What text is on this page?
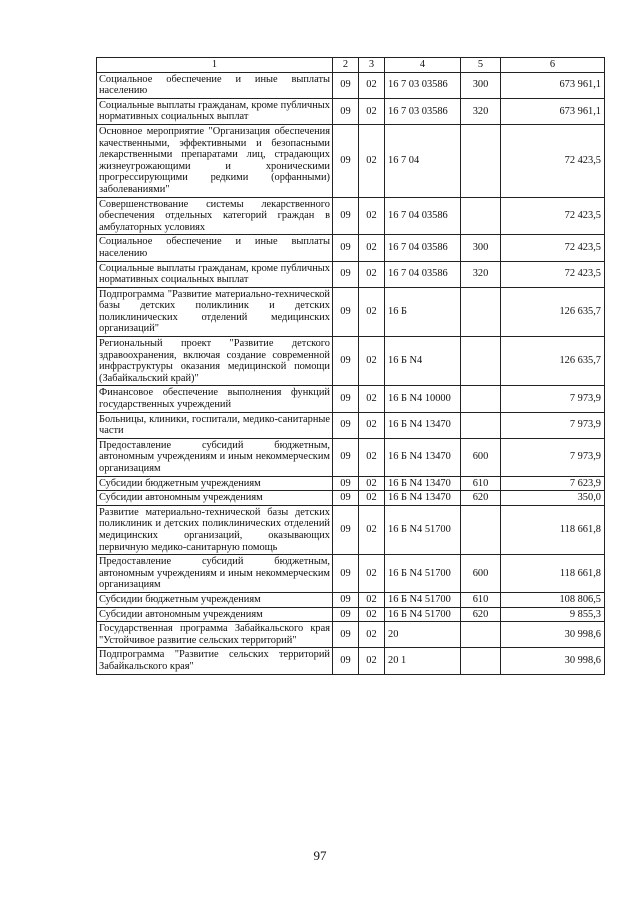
1	2	3	4	5	6
Социальное обеспечение и иные выплаты населению	09	02	16 7 03 03586	300	673 961,1
Социальные выплаты гражданам, кроме публичных нормативных социальных выплат	09	02	16 7 03 03586	320	673 961,1
Основное мероприятие "Организация обеспечения качественными, эффективными и безопасными лекарственными препаратами лиц, страдающих жизнеугрожающими и хроническими прогрессирующими редкими (орфанными) заболеваниями"	09	02	16 7 04		72 423,5
Совершенствование системы лекарственного обеспечения отдельных категорий граждан в амбулаторных условиях	09	02	16 7 04 03586		72 423,5
Социальное обеспечение и иные выплаты населению	09	02	16 7 04 03586	300	72 423,5
Социальные выплаты гражданам, кроме публичных нормативных социальных выплат	09	02	16 7 04 03586	320	72 423,5
Подпрограмма "Развитие материально-технической базы детских поликлиник и детских поликлинических отделений медицинских организаций"	09	02	16 Б		126 635,7
Региональный проект "Развитие детского здравоохранения, включая создание современной инфраструктуры оказания медицинской помощи (Забайкальский край)"	09	02	16 Б N4		126 635,7
Финансовое обеспечение выполнения функций государственных учреждений	09	02	16 Б N4 10000		7 973,9
Больницы, клиники, госпитали, медико-санитарные части	09	02	16 Б N4 13470		7 973,9
Предоставление субсидий бюджетным, автономным учреждениям и иным некоммерческим организациям	09	02	16 Б N4 13470	600	7 973,9
Субсидии бюджетным учреждениям	09	02	16 Б N4 13470	610	7 623,9
Субсидии автономным учреждениям	09	02	16 Б N4 13470	620	350,0
Развитие материально-технической базы детских поликлиник и детских поликлинических отделений медицинских организаций, оказывающих первичную медико-санитарную помощь	09	02	16 Б N4 51700		118 661,8
Предоставление субсидий бюджетным, автономным учреждениям и иным некоммерческим организациям	09	02	16 Б N4 51700	600	118 661,8
Субсидии бюджетным учреждениям	09	02	16 Б N4 51700	610	108 806,5
Субсидии автономным учреждениям	09	02	16 Б N4 51700	620	9 855,3
Государственная программа Забайкальского края "Устойчивое развитие сельских территорий"	09	02	20		30 998,6
Подпрограмма "Развитие сельских территорий Забайкальского края"	09	02	20 1		30 998,6
97
